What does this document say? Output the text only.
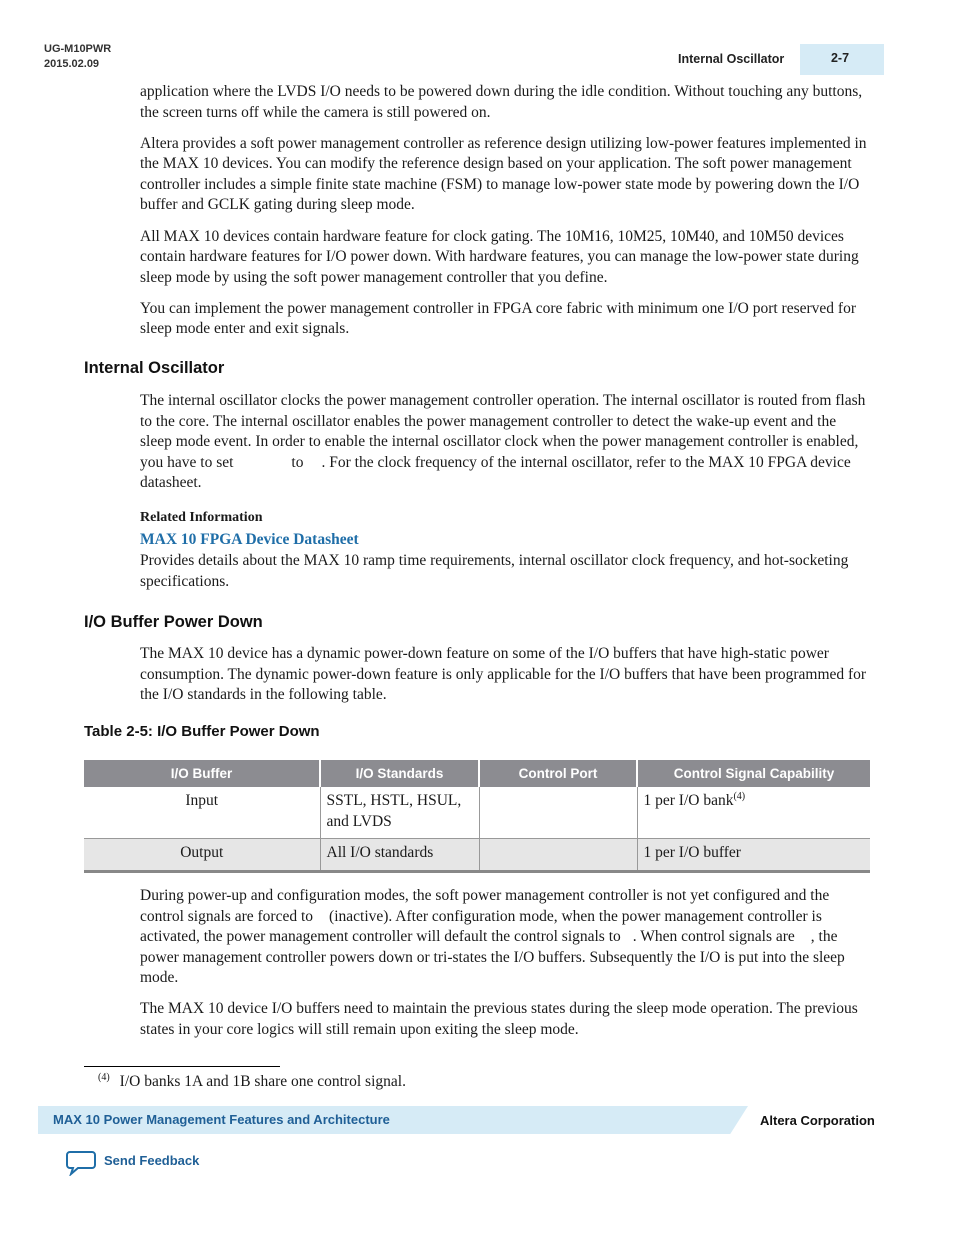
UG-M10PWR
2015.02.09	Internal Oscillator	2-7

application where the LVDS I/O needs to be powered down during the idle condition. Without touching any buttons, the screen turns off while the camera is still powered on.

Altera provides a soft power management controller as reference design utilizing low-power features implemented in the MAX 10 devices. You can modify the reference design based on your application. The soft power management controller includes a simple finite state machine (FSM) to manage low-power state mode by powering down the I/O buffer and GCLK gating during sleep mode.

All MAX 10 devices contain hardware feature for clock gating. The 10M16, 10M25, 10M40, and 10M50 devices contain hardware features for I/O power down. With hardware features, you can manage the low-power state during sleep mode by using the soft power management controller that you define.

You can implement the power management controller in FPGA core fabric with minimum one I/O port reserved for sleep mode enter and exit signals.

Internal Oscillator

The internal oscillator clocks the power management controller operation. The internal oscillator is routed from flash to the core. The internal oscillator enables the power management controller to detect the wake-up event and the sleep mode event. In order to enable the internal oscillator clock when the power management controller is enabled, you have to set	to . For the clock frequency of the internal oscillator, refer to the MAX 10 FPGA device datasheet.

Related Information
MAX 10 FPGA Device Datasheet
Provides details about the MAX 10 ramp time requirements, internal oscillator clock frequency, and hot-socketing specifications.
I/O Buffer Power Down
The MAX 10 device has a dynamic power-down feature on some of the I/O buffers that have high-static power consumption. The dynamic power-down feature is only applicable for the I/O buffers that have been programmed for the I/O standards in the following table.
Table 2-5: I/O Buffer Power Down
I/O Buffer	I/O Standards	Control Port	Control Signal Capability
Input	SSTL, HSTL, HSUL, and LVDS		1 per I/O bank$^{(4)}$
Output	All I/O standards		1 per I/O buffer

During power-up and configuration modes, the soft power management controller is not yet configured and the control signals are forced to (inactive). After configuration mode, when the power management controller is activated, the power management controller will default the control signals to . When control signals are , the power management controller powers down or tri-states the I/O buffers. Subsequently the I/O is put into the sleep mode.

The MAX 10 device I/O buffers need to maintain the previous states during the sleep mode operation. The previous states in your core logics will still remain upon exiting the sleep mode.
$^{(4)}$ I/O banks 1A and 1B share one control signal.
MAX 10 Power Management Features and Architecture	Altera Corporation
Send Feedback
